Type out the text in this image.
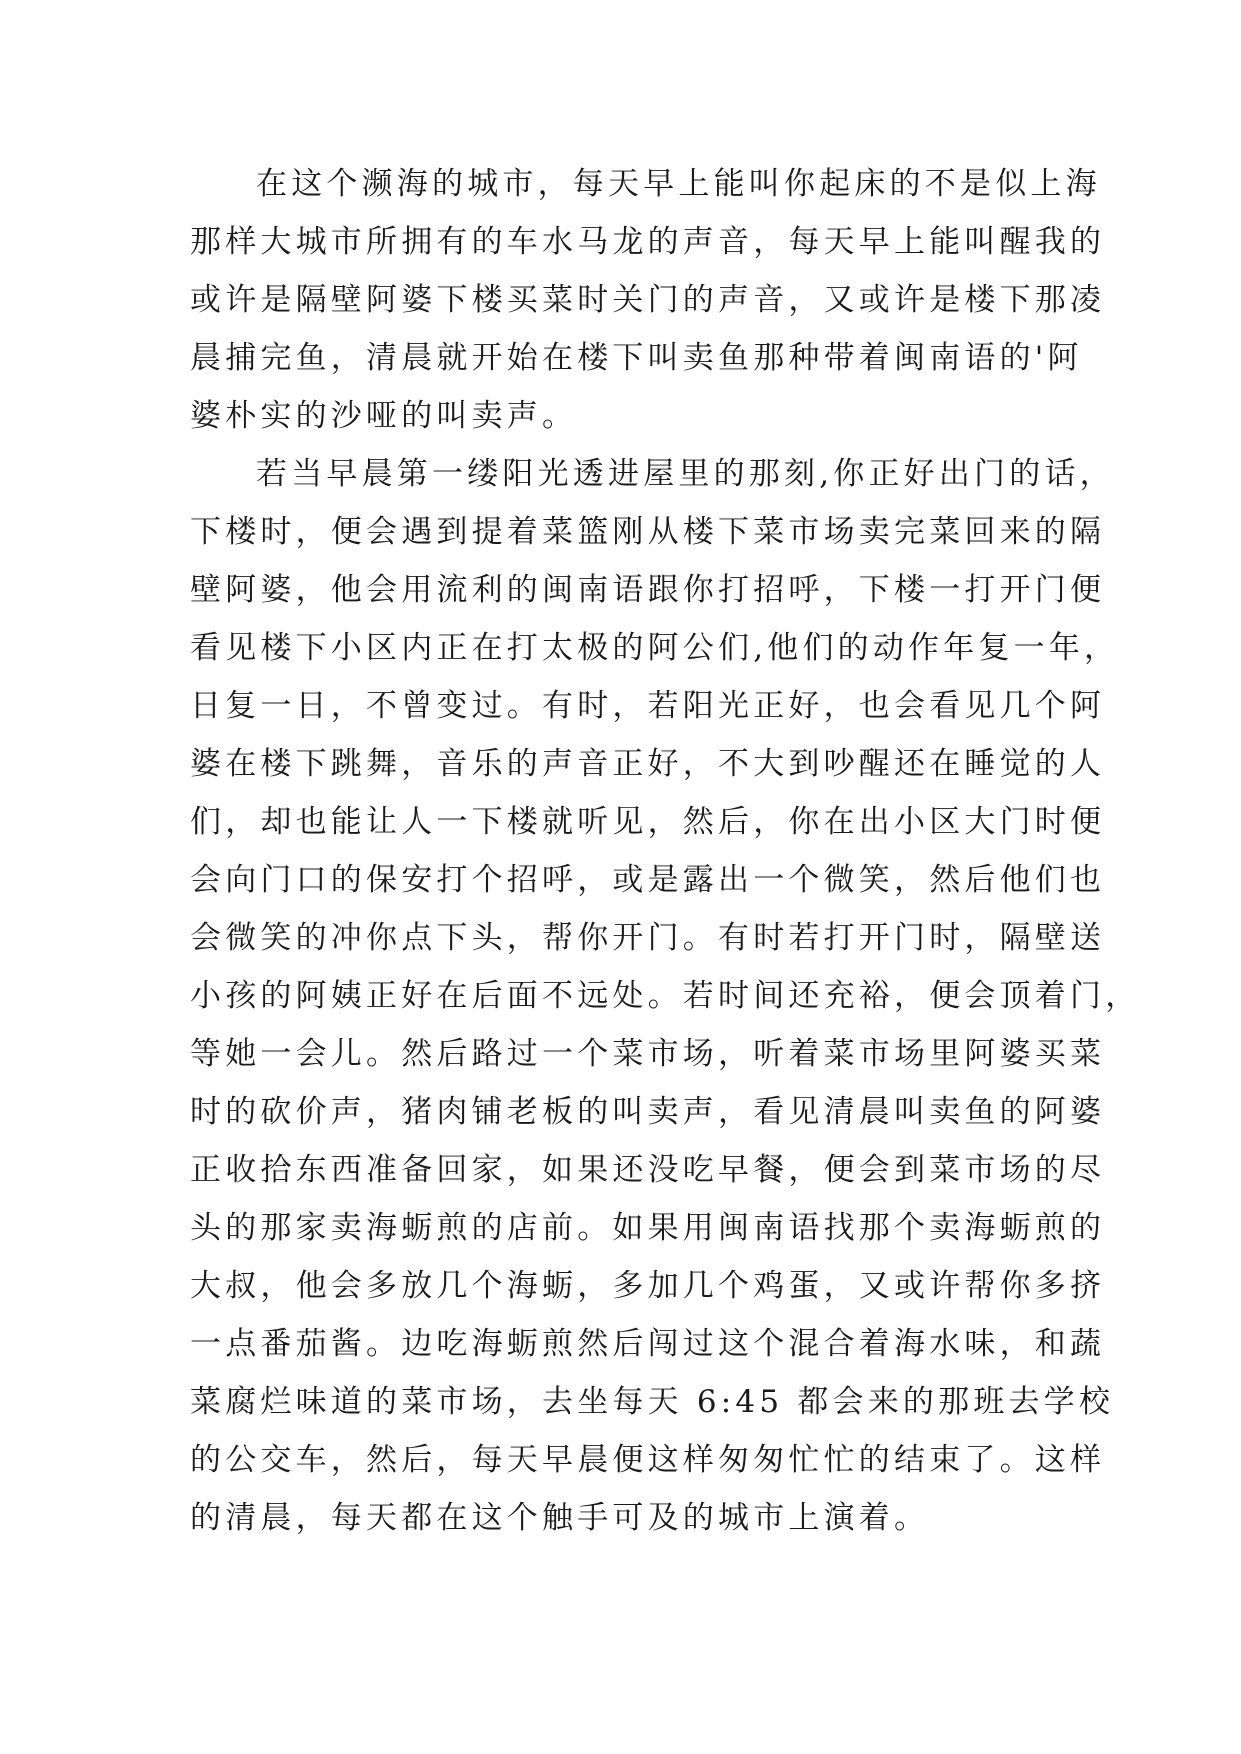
在这个濒海的城市，每天早上能叫你起床的不是似上海
那样大城市所拥有的车水马龙的声音，每天早上能叫醒我的
或许是隔壁阿婆下楼买菜时关门的声音，又或许是楼下那凌
晨捕完鱼，清晨就开始在楼下叫卖鱼那种带着闽南语的'阿
婆朴实的沙哑的叫卖声。
若当早晨第一缕阳光透进屋里的那刻,你正好出门的话，
下楼时，便会遇到提着菜篮刚从楼下菜市场卖完菜回来的隔
壁阿婆，他会用流利的闽南语跟你打招呼，下楼一打开门便
看见楼下小区内正在打太极的阿公们,他们的动作年复一年，
日复一日，不曾变过。有时，若阳光正好，也会看见几个阿
婆在楼下跳舞，音乐的声音正好，不大到吵醒还在睡觉的人
们，却也能让人一下楼就听见，然后，你在出小区大门时便
会向门口的保安打个招呼，或是露出一个微笑，然后他们也
会微笑的冲你点下头，帮你开门。有时若打开门时，隔壁送
小孩的阿姨正好在后面不远处。若时间还充裕，便会顶着门，
等她一会儿。然后路过一个菜市场，听着菜市场里阿婆买菜
时的砍价声，猪肉铺老板的叫卖声，看见清晨叫卖鱼的阿婆
正收拾东西准备回家，如果还没吃早餐，便会到菜市场的尽
头的那家卖海蛎煎的店前。如果用闽南语找那个卖海蛎煎的
大叔，他会多放几个海蛎，多加几个鸡蛋，又或许帮你多挤
一点番茄酱。边吃海蛎煎然后闯过这个混合着海水味，和蔬
菜腐烂味道的菜市场，去坐每天 6:45 都会来的那班去学校
的公交车，然后，每天早晨便这样匆匆忙忙的结束了。这样
的清晨，每天都在这个触手可及的城市上演着。
